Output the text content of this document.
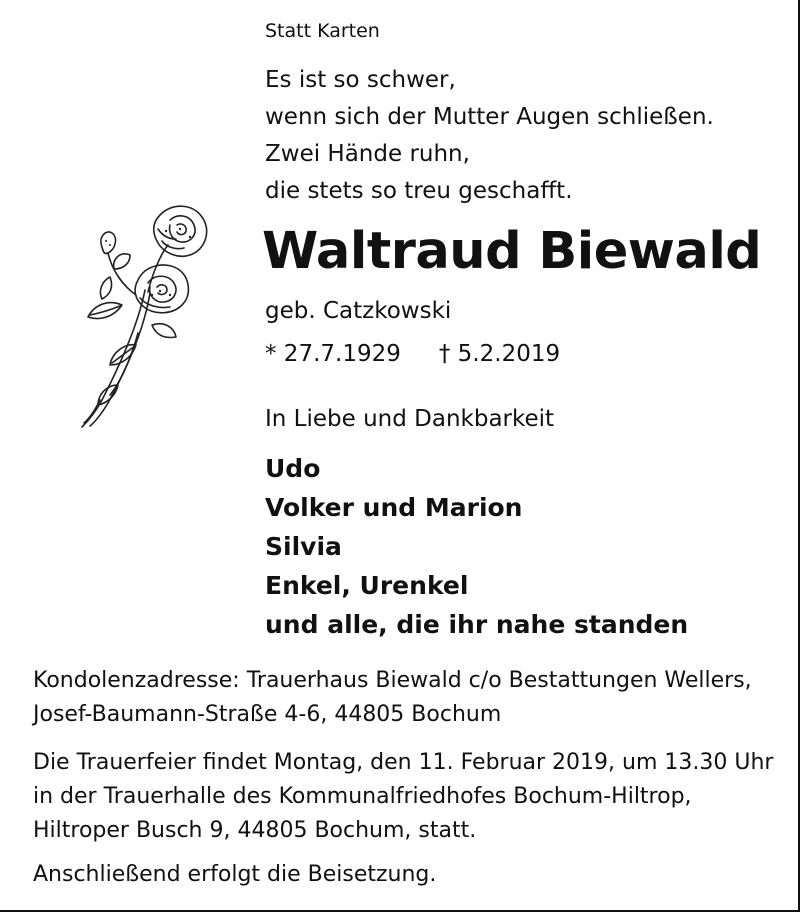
Statt Karten
Es ist so schwer,
wenn sich der Mutter Augen schließen.
Zwei Hände ruhn,
die stets so treu geschafft.
Waltraud Biewald
geb. Catzkowski
* 27.7.1929 † 5.2.2019
In Liebe und Dankbarkeit
Udo
Volker und Marion
Silvia
Enkel, Urenkel
und alle, die ihr nahe standen
Kondolenzadresse: Trauerhaus Biewald c/o Bestattungen Wellers,
Josef-Baumann-Straße 4-6, 44805 Bochum
Die Trauerfeier findet Montag, den 11. Februar 2019, um 13.30 Uhr
in der Trauerhalle des Kommunalfriedhofes Bochum-Hiltrop,
Hiltroper Busch 9, 44805 Bochum, statt.
Anschließend erfolgt die Beisetzung.
